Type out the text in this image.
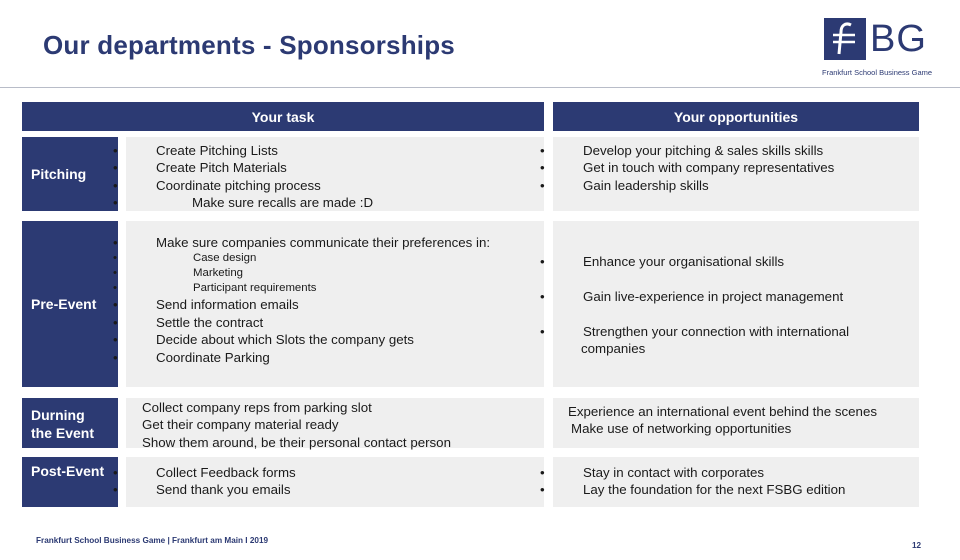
Our departments - Sponsorships	BG
Frankfurt School Business Game
Your task	Your opportunities
Pitching
• Create Pitching Lists
• Create Pitch Materials
• Coordinate pitching process
• Make sure recalls are made :D
• Develop your pitching & sales skills skills
• Get in touch with company representatives
• Gain leadership skills
Pre-Event
• Make sure companies communicate their preferences in:
• Case design
• Marketing
• Participant requirements
• Send information emails
• Settle the contract
• Decide about which Slots the company gets
• Coordinate Parking
• Enhance your organisational skills
• Gain live-experience in project management
• Strengthen your connection with international
companies
Durning
the Event
Collect company reps from parking slot
Get their company material ready
Show them around, be their personal contact person
Experience an international event behind the scenes
Make use of networking opportunities
Post-Event
•	Collect Feedback forms
• Send thank you emails
• Stay in contact with corporates
• Lay the foundation for the next FSBG edition
Frankfurt School Business Game | Frankfurt am Main I 2019
12
